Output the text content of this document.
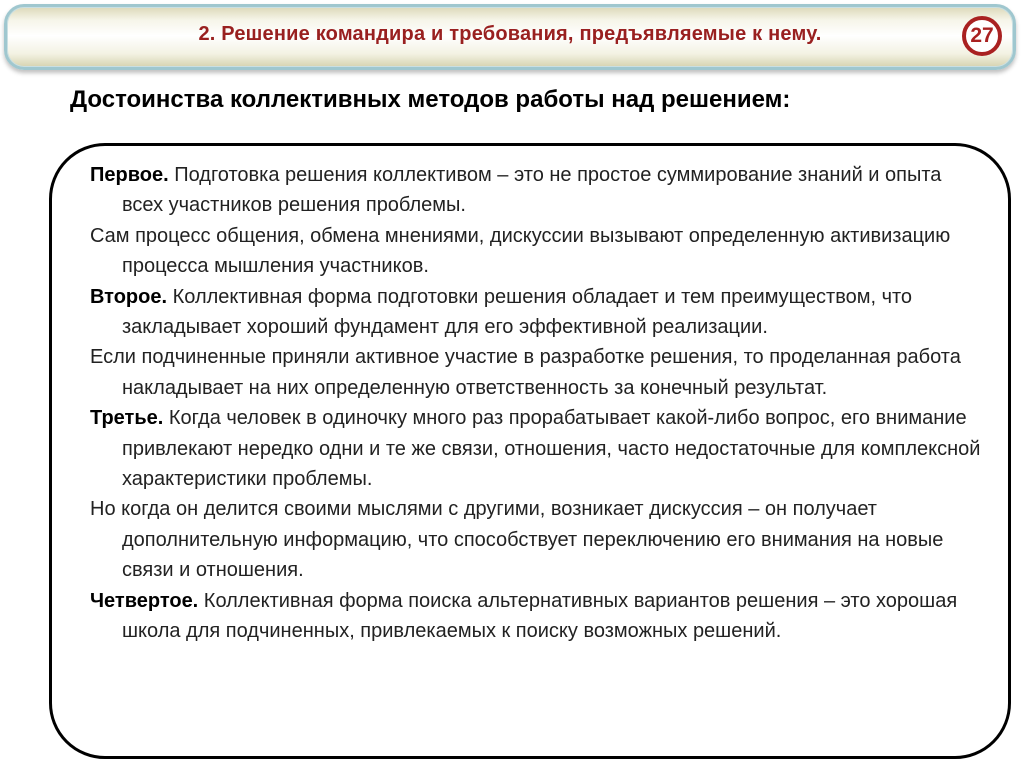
2. Решение командира и требования, предъявляемые к нему.	27
Достоинства коллективных методов работы над решением:

Первое. Подготовка решения коллективом – это не простое суммирование знаний и опыта всех участников решения проблемы.

Сам процесс общения, обмена мнениями, дискуссии вызывают определенную активизацию процесса мышления участников.

Второе. Коллективная форма подготовки решения обладает и тем преимуществом, что закладывает хороший фундамент для его эффективной реализации.

Если подчиненные приняли активное участие в разработке решения, то проделанная работа накладывает на них определенную ответственность за конечный результат.

Третье. Когда человек в одиночку много раз прорабатывает какой-либо вопрос, его внимание привлекают нередко одни и те же связи, отношения, часто недостаточные для комплексной характеристики проблемы.

Но когда он делится своими мыслями с другими, возникает дискуссия – он получает дополнительную информацию, что способствует переключению его внимания на новые связи и отношения.

Четвертое. Коллективная форма поиска альтернативных вариантов решения – это хорошая школа для подчиненных, привлекаемых к поиску возможных решений.
